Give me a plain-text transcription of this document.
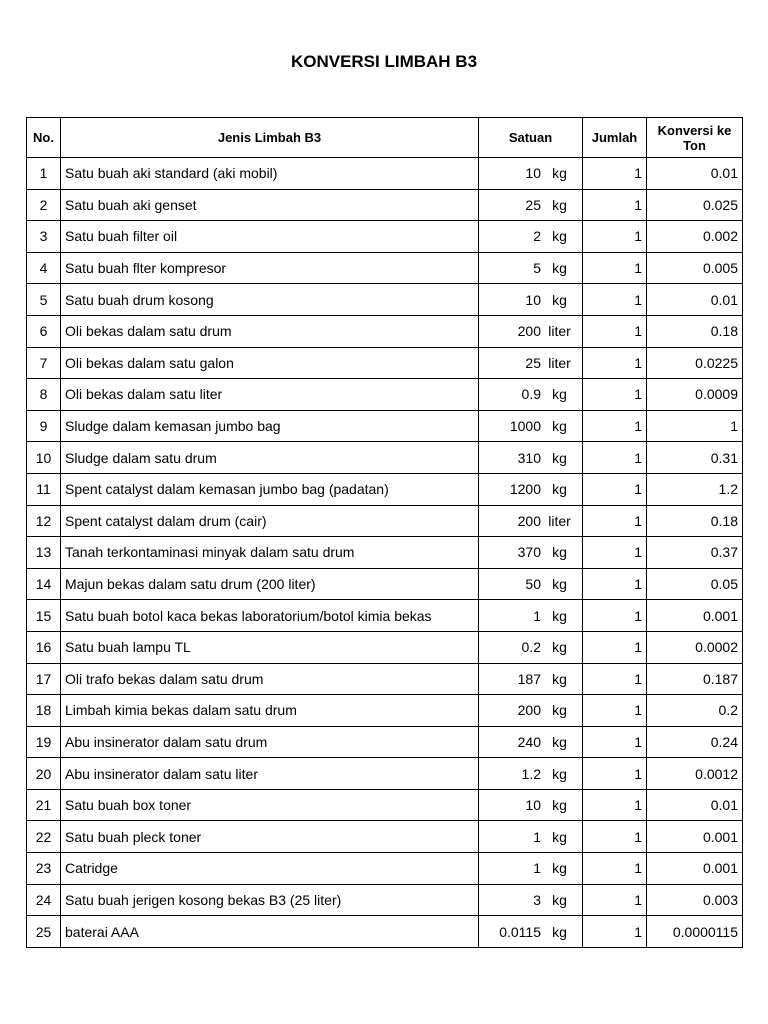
KONVERSI LIMBAH B3
No.	Jenis Limbah B3	Satuan	Jumlah	Konversi ke Ton
1	Satu buah aki standard (aki mobil)	10 kg	1	0.01
2	Satu buah aki genset	25 kg	1	0.025
3	Satu buah filter oil	2 kg	1	0.002
4	Satu buah flter kompresor	5 kg	1	0.005
5	Satu buah drum kosong	10 kg	1	0.01
6	Oli bekas dalam satu drum	200 liter	1	0.18
7	Oli bekas dalam satu galon	25 liter	1	0.0225
8	Oli bekas dalam satu liter	0.9 kg	1	0.0009
9	Sludge dalam kemasan jumbo bag	1000 kg	1	1
10	Sludge dalam satu drum	310 kg	1	0.31
11	Spent catalyst dalam kemasan jumbo bag (padatan)	1200 kg	1	1.2
12	Spent catalyst dalam drum (cair)	200 liter	1	0.18
13	Tanah terkontaminasi minyak dalam satu drum	370 kg	1	0.37
14	Majun bekas dalam satu drum (200 liter)	50 kg	1	0.05
15	Satu buah botol kaca bekas laboratorium/botol kimia bekas	1 kg	1	0.001
16	Satu buah lampu TL	0.2 kg	1	0.0002
17	Oli trafo bekas dalam satu drum	187 kg	1	0.187
18	Limbah kimia bekas dalam satu drum	200 kg	1	0.2
19	Abu insinerator dalam satu drum	240 kg	1	0.24
20	Abu insinerator dalam satu liter	1.2 kg	1	0.0012
21	Satu buah box toner	10 kg	1	0.01
22	Satu buah pleck toner	1 kg	1	0.001
23	Catridge	1 kg	1	0.001
24	Satu buah jerigen kosong bekas B3 (25 liter)	3 kg	1	0.003
25	baterai AAA	0.0115 kg	1	0.0000115
